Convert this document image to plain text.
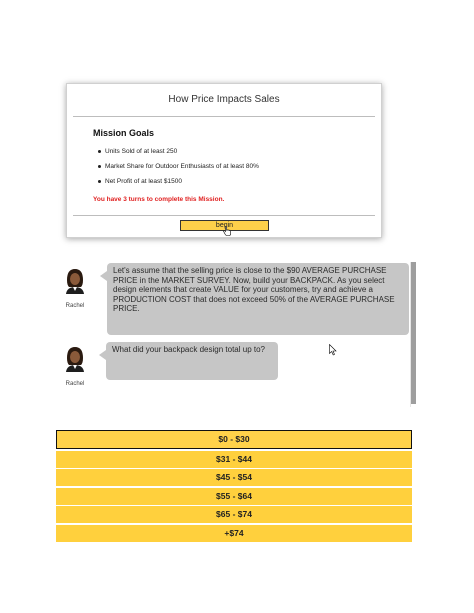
How Price Impacts Sales
Mission Goals
Units Sold of at least 250
Market Share for Outdoor Enthusiasts of at least 80%
Net Profit of at least $1500
You have 3 turns to complete this Mission.
begin
Rachel
Let's assume that the selling price is close to the $90 AVERAGE PURCHASE PRICE in the MARKET SURVEY. Now, build your BACKPACK. As you select design elements that create VALUE for your customers, try and achieve a PRODUCTION COST that does not exceed 50% of the AVERAGE PURCHASE PRICE.
Rachel
What did your backpack design total up to?
$0 - $30
$31 - $44
$45 - $54
$55 - $64
$65 - $74
+$74
